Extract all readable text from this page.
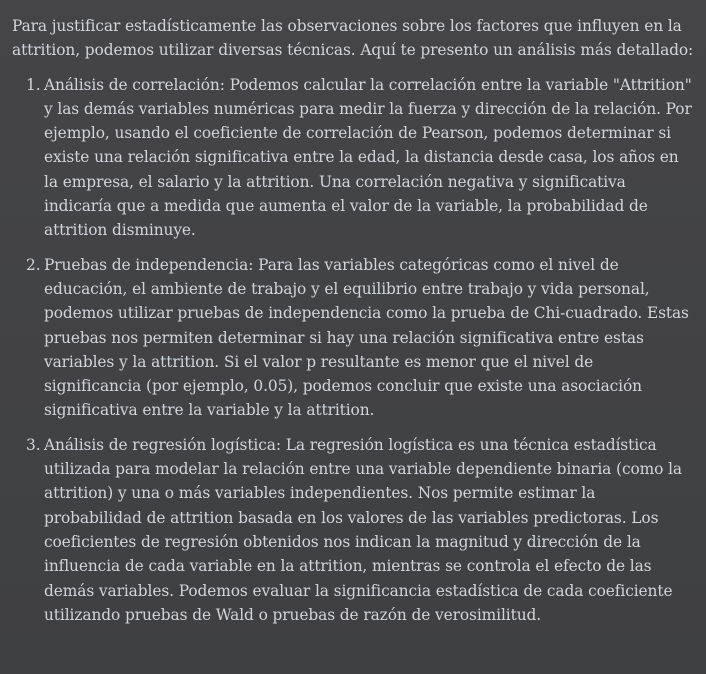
Para justificar estadísticamente las observaciones sobre los factores que influyen en la attrition, podemos utilizar diversas técnicas. Aquí te presento un análisis más detallado:

1. Análisis de correlación: Podemos calcular la correlación entre la variable "Attrition" y las demás variables numéricas para medir la fuerza y dirección de la relación. Por ejemplo, usando el coeficiente de correlación de Pearson, podemos determinar si existe una relación significativa entre la edad, la distancia desde casa, los años en la empresa, el salario y la attrition. Una correlación negativa y significativa indicaría que a medida que aumenta el valor de la variable, la probabilidad de attrition disminuye.
2. Pruebas de independencia: Para las variables categóricas como el nivel de educación, el ambiente de trabajo y el equilibrio entre trabajo y vida personal, podemos utilizar pruebas de independencia como la prueba de Chi-cuadrado. Estas pruebas nos permiten determinar si hay una relación significativa entre estas variables y la attrition. Si el valor p resultante es menor que el nivel de significancia (por ejemplo, 0.05), podemos concluir que existe una asociación significativa entre la variable y la attrition.
3. Análisis de regresión logística: La regresión logística es una técnica estadística utilizada para modelar la relación entre una variable dependiente binaria (como la attrition) y una o más variables independientes. Nos permite estimar la probabilidad de attrition basada en los valores de las variables predictoras. Los coeficientes de regresión obtenidos nos indican la magnitud y dirección de la influencia de cada variable en la attrition, mientras se controla el efecto de las demás variables. Podemos evaluar la significancia estadística de cada coeficiente utilizando pruebas de Wald o pruebas de razón de verosimilitud.
